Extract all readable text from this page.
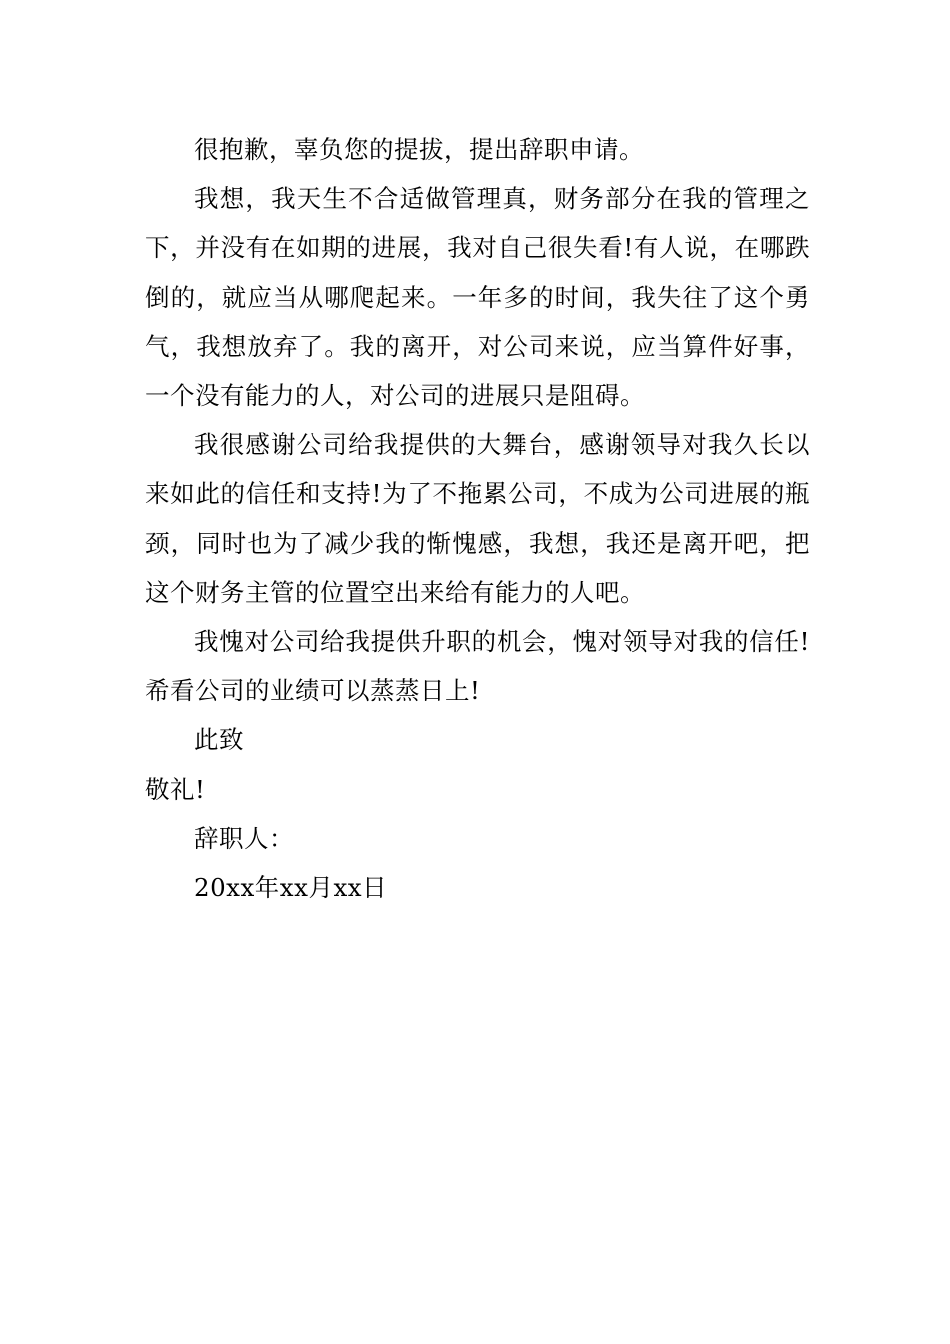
很抱歉，辜负您的提拔，提出辞职申请。

我想，我天生不合适做管理真，财务部分在我的管理之下，并没有在如期的进展，我对自己很失看!有人说，在哪跌倒的，就应当从哪爬起来。一年多的时间，我失往了这个勇气，我想放弃了。我的离开，对公司来说，应当算件好事，一个没有能力的人，对公司的进展只是阻碍。

我很感谢公司给我提供的大舞台，感谢领导对我久长以来如此的信任和支持!为了不拖累公司，不成为公司进展的瓶颈，同时也为了减少我的惭愧感，我想，我还是离开吧，把这个财务主管的位置空出来给有能力的人吧。

我愧对公司给我提供升职的机会，愧对领导对我的信任!希看公司的业绩可以蒸蒸日上!

此致

敬礼!

辞职人：

20xx年xx月xx日
